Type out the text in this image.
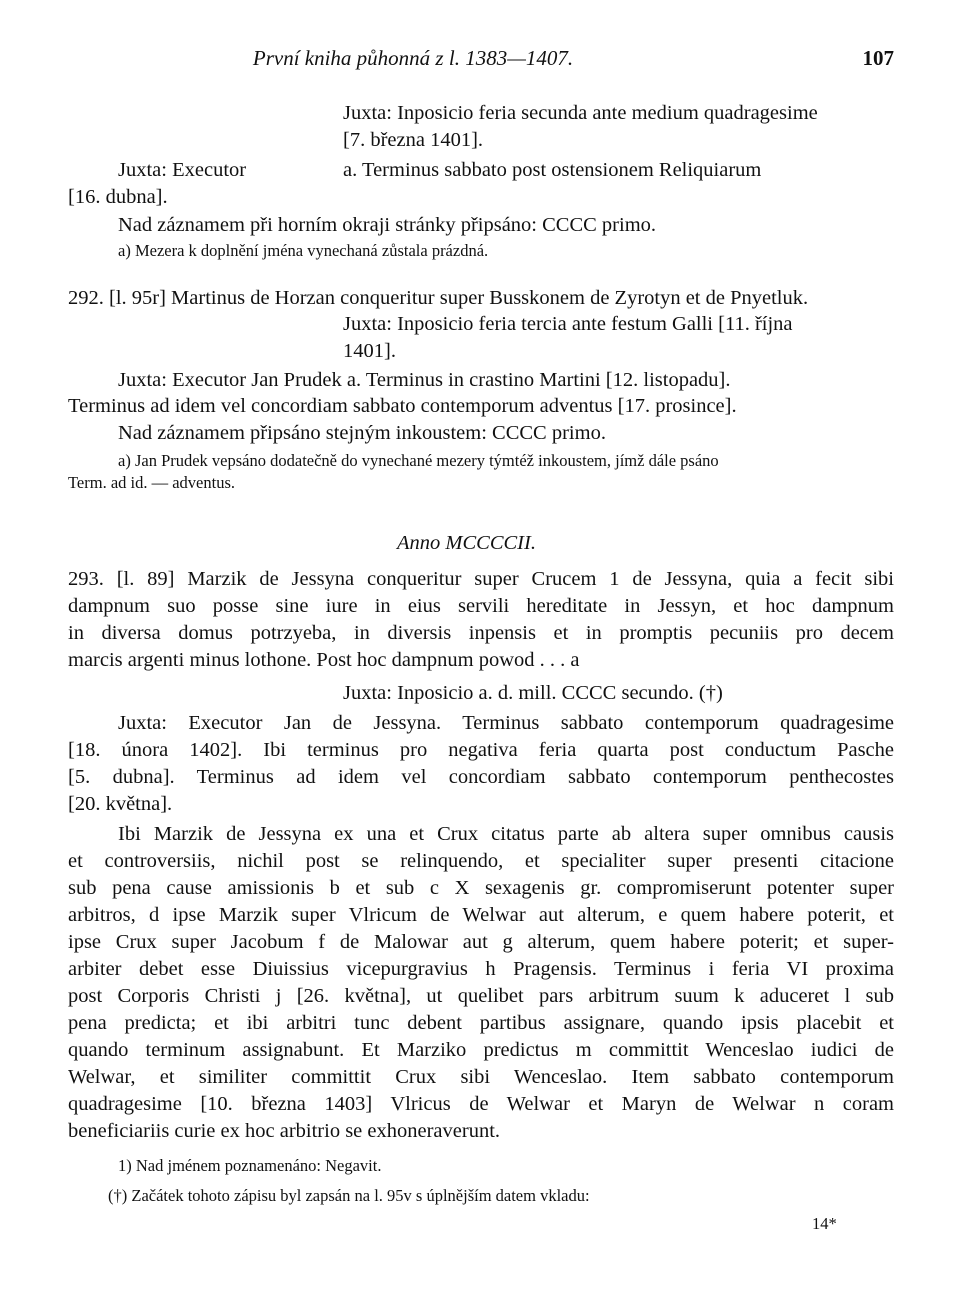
První kniha půhonná z l. 1383—1407.	107
Juxta: Inposicio feria secunda ante medium quadragesime
[7. března 1401].
Juxta: Executor	a. Terminus sabbato post ostensionem Reliquiarum
[16. dubna].
Nad záznamem při horním okraji stránky připsáno: CCCC primo.
a) Mezera k doplnění jména vynechaná zůstala prázdná.
292. [l. 95r] Martinus de Horzan conqueritur super Busskonem de Zyrotyn et de Pnyetluk.
Juxta: Inposicio feria tercia ante festum Galli [11. října
1401].
Juxta: Executor Jan Prudek a. Terminus in crastino Martini [12. listopadu].
Terminus ad idem vel concordiam sabbato contemporum adventus [17. prosince].
Nad záznamem připsáno stejným inkoustem: CCCC primo.
a) Jan Prudek vepsáno dodatečně do vynechané mezery týmtéž inkoustem, jímž dále psáno
Term. ad id. — adventus.
Anno MCCCCII.
293. [l. 89] Marzik de Jessyna conqueritur super Crucem 1 de Jessyna, quia a fecit sibi
dampnum suo posse sine iure in eius servili hereditate in Jessyn, et hoc dampnum
in diversa domus potrzyeba, in diversis inpensis et in promptis pecuniis pro decem
marcis argenti minus lothone. Post hoc dampnum powod . . . a
Juxta: Inposicio a. d. mill. CCCC secundo. (†)
Juxta: Executor Jan de Jessyna. Terminus sabbato contemporum quadragesime
[18. února 1402]. Ibi terminus pro negativa feria quarta post conductum Pasche
[5. dubna]. Terminus ad idem vel concordiam sabbato contemporum penthecostes
[20. května].
Ibi Marzik de Jessyna ex una et Crux citatus parte ab altera super omnibus causis
et controversiis, nichil post se relinquendo, et specialiter super presenti citacione
sub pena cause amissionis b et sub c X sexagenis gr. compromiserunt potenter super
arbitros, d ipse Marzik super Vlricum de Welwar aut alterum, e quem habere poterit, et
ipse Crux super Jacobum f de Malowar aut g alterum, quem habere poterit; et super-
arbiter debet esse Diuissius vicepurgravius h Pragensis. Terminus i feria VI proxima
post Corporis Christi j [26. května], ut quelibet pars arbitrum suum k aduceret l sub
pena predicta; et ibi arbitri tunc debent partibus assignare, quando ipsis placebit et
quando terminum assignabunt. Et Marziko predictus m committit Wenceslao iudici de
Welwar, et similiter committit Crux sibi Wenceslao. Item sabbato contemporum
quadragesime [10. března 1403] Vlricus de Welwar et Maryn de Welwar n coram
beneficiariis curie ex hoc arbitrio se exhoneraverunt.
1) Nad jménem poznamenáno: Negavit.
(†) Začátek tohoto zápisu byl zapsán na l. 95v s úplnějším datem vkladu:
14*
